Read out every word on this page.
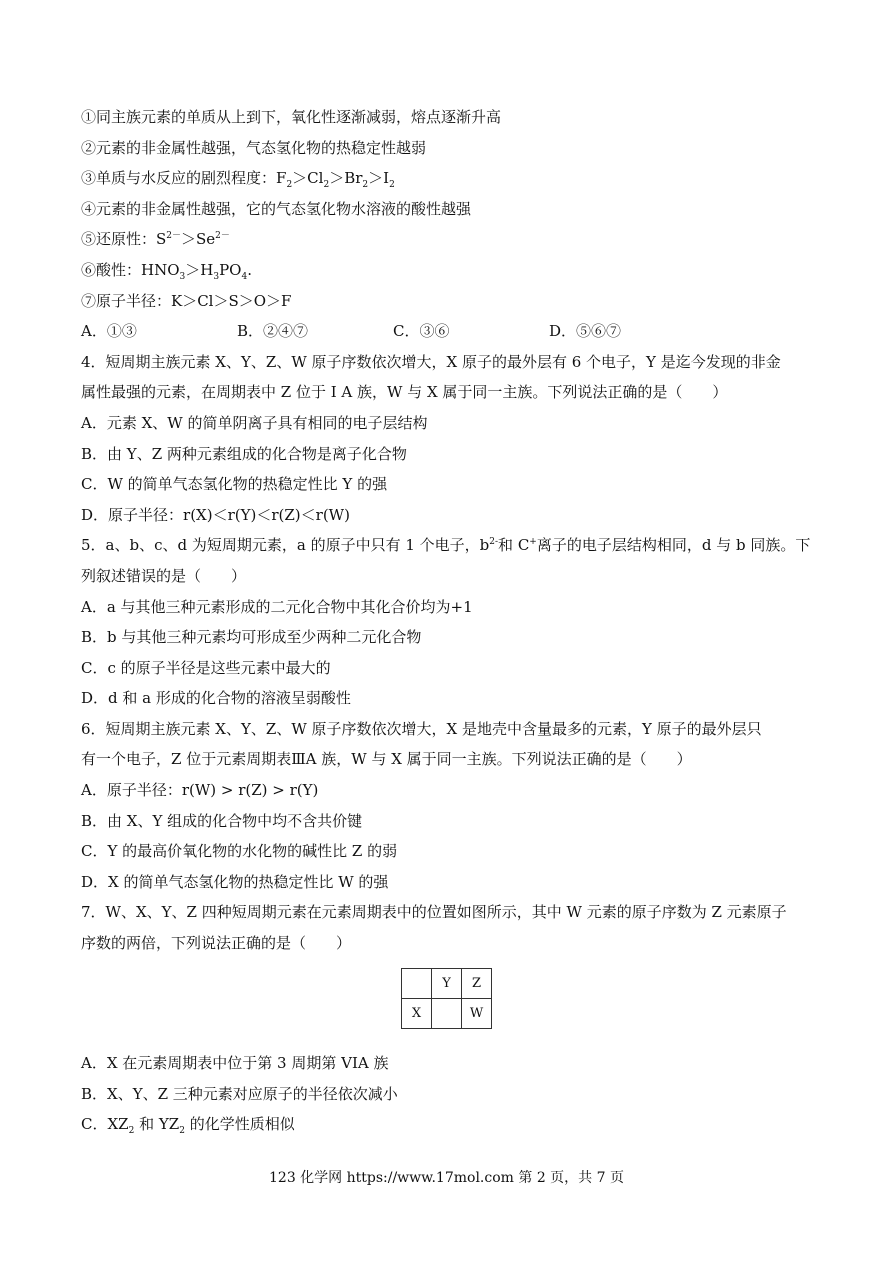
①同主族元素的单质从上到下，氧化性逐渐减弱，熔点逐渐升高
②元素的非金属性越强，气态氢化物的热稳定性越弱
③单质与水反应的剧烈程度：$F_2>Cl_2>Br_2>I_2$
④元素的非金属性越强，它的气态氢化物水溶液的酸性越强
⑤还原性：$S^{2-}>Se^{2-}$
⑥酸性：$HNO_3>H_3PO_4$.
⑦原子半径：K＞Cl＞S＞O＞F
A．①③	B．②④⑦	C．③⑥	D．⑤⑥⑦
4．短周期主族元素 X、Y、Z、W 原子序数依次增大，X 原子的最外层有 6 个电子，Y 是迄今发现的非金
属性最强的元素，在周期表中 Z 位于 I A 族，W 与 X 属于同一主族。下列说法正确的是（　　）
A．元素 X、W 的简单阴离子具有相同的电子层结构
B．由 Y、Z 两种元素组成的化合物是离子化合物
C．W 的简单气态氢化物的热稳定性比 Y 的强
D．原子半径：r(X)＜r(Y)＜r(Z)＜r(W)
5．a、b、c、d 为短周期元素，a 的原子中只有 1 个电子，$b^{2-}$和 C+离子的电子层结构相同，d 与 b 同族。下
列叙述错误的是（　　）
A．a 与其他三种元素形成的二元化合物中其化合价均为+1
B．b 与其他三种元素均可形成至少两种二元化合物
C．c 的原子半径是这些元素中最大的
D．d 和 a 形成的化合物的溶液呈弱酸性
6．短周期主族元素 X、Y、Z、W 原子序数依次增大，X 是地壳中含量最多的元素，Y 原子的最外层只
有一个电子，Z 位于元素周期表ⅢA 族，W 与 X 属于同一主族。下列说法正确的是（　　）
A．原子半径：r(W) > r(Z) > r(Y)
B．由 X、Y 组成的化合物中均不含共价键
C．Y 的最高价氧化物的水化物的碱性比 Z 的弱
D．X 的简单气态氢化物的热稳定性比 W 的强
7．W、X、Y、Z 四种短周期元素在元素周期表中的位置如图所示，其中 W 元素的原子序数为 Z 元素原子
序数的两倍，下列说法正确的是（　　）
	Y	Z
X		W
A．X 在元素周期表中位于第 3 周期第 VIA 族
B．X、Y、Z 三种元素对应原子的半径依次减小
C．$XZ_2$ 和 $YZ_2$ 的化学性质相似
123 化学网 https://www.17mol.com 第 2 页，共 7 页
